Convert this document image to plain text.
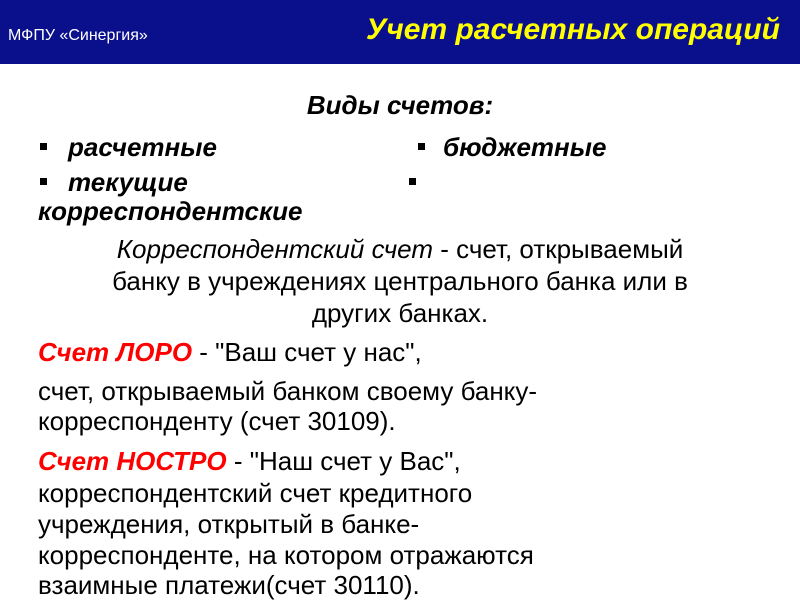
МФПУ «Синергия»	Учет расчетных операций
Виды счетов:
расчетные	бюджетные
текущие
корреспондентские
Корреспондентский счет - счет, открываемый
банку в учреждениях центрального банка или в
других банках.
Счет ЛОРО - "Ваш счет у нас",
счет, открываемый банком своему банку-
корреспонденту (счет 30109).
Счет НОСТРО - "Наш счет у Вас",
корреспондентский счет кредитного
учреждения, открытый в банке-
корреспонденте, на котором отражаются
взаимные платежи(счет 30110).
